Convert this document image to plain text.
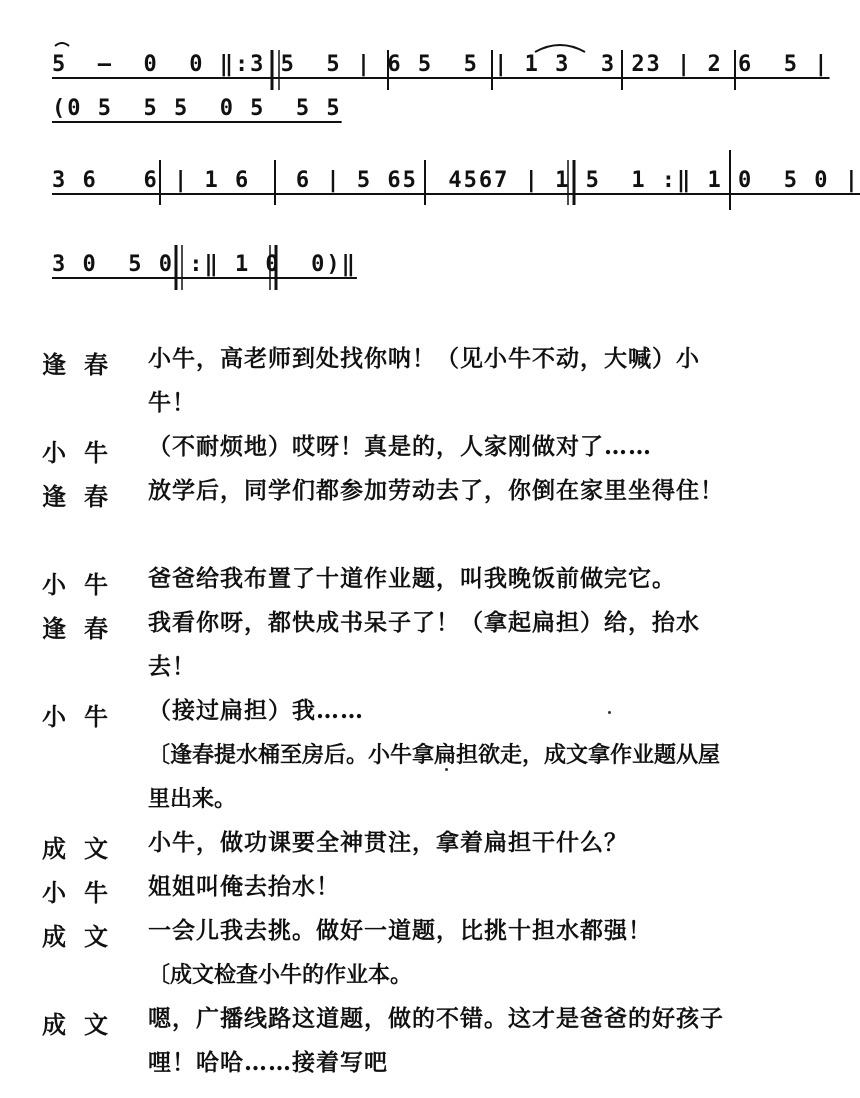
5  —  0  0 ‖:3 5  5 | 6 5  5 | 1 3  3 23 | 2 6  5 |
(0 5  5 5  0 5  5 5
3 6   6 | 1 6   6 | 5 65  4567 | 1 5  1 :‖ 1 0  5 0 |
3 0  5 0 :‖ 1 0  0)‖
逢春 小牛，高老师到处找你呐！（见小牛不动，大喊）小牛！
小牛 （不耐烦地）哎呀！真是的，人家刚做对了……
逢春 放学后，同学们都参加劳动去了，你倒在家里坐得住！
小牛 爸爸给我布置了十道作业题，叫我晚饭前做完它。
逢春 我看你呀，都快成书呆子了！（拿起扁担）给，抬水去！
小牛 （接过扁担）我……
〔逢春提水桶至房后。小牛拿扁担欲走，成文拿作业题从屋里出来。
成文 小牛，做功课要全神贯注，拿着扁担干什么？
小牛 姐姐叫俺去抬水！
成文 一会儿我去挑。做好一道题，比挑十担水都强！
〔成文检查小牛的作业本。
成文 嗯，广播线路这道题，做的不错。这才是爸爸的好孩子哩！哈哈……接着写吧
